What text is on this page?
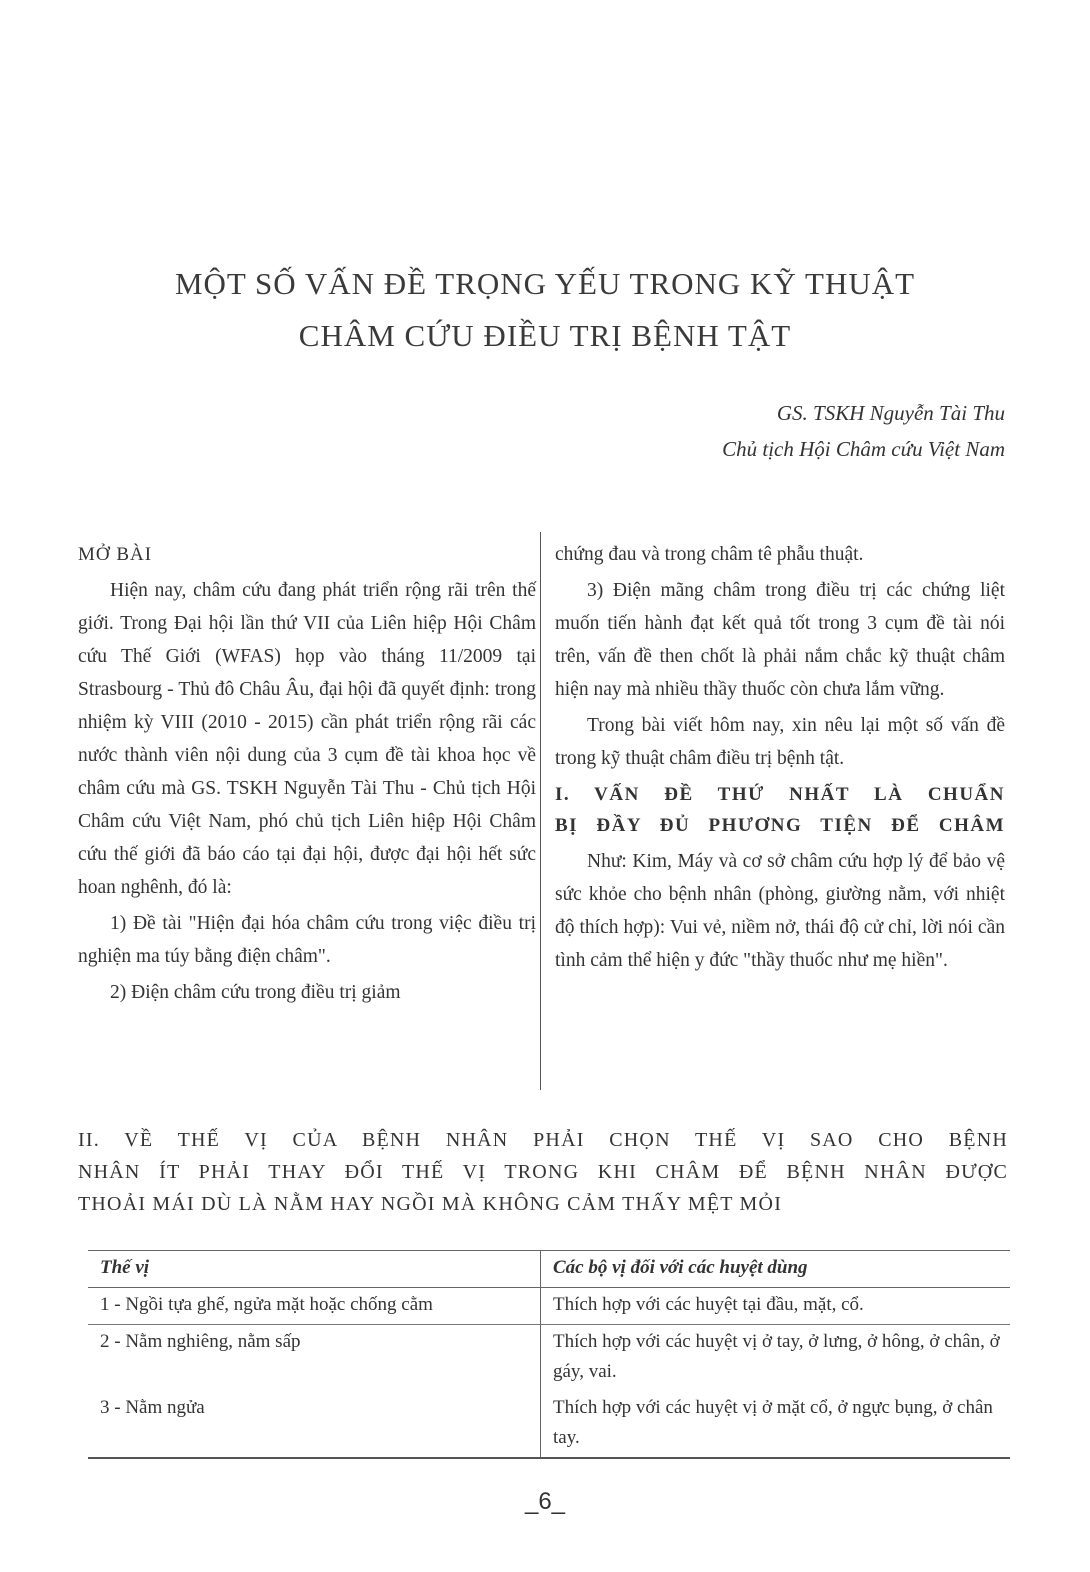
MỘT SỐ VẤN ĐỀ TRỌNG YẾU TRONG KỸ THUẬT
CHÂM CỨU ĐIỀU TRỊ BỆNH TẬT
GS. TSKH Nguyễn Tài Thu
Chủ tịch Hội Châm cứu Việt Nam

MỞ BÀI

Hiện nay, châm cứu đang phát triển rộng rãi trên thế giới. Trong Đại hội lần thứ VII của Liên hiệp Hội Châm cứu Thế Giới (WFAS) họp vào tháng 11/2009 tại Strasbourg - Thủ đô Châu Âu, đại hội đã quyết định: trong nhiệm kỳ VIII (2010 - 2015) cần phát triển rộng rãi các nước thành viên nội dung của 3 cụm đề tài khoa học về châm cứu mà GS. TSKH Nguyễn Tài Thu - Chủ tịch Hội Châm cứu Việt Nam, phó chủ tịch Liên hiệp Hội Châm cứu thế giới đã báo cáo tại đại hội, được đại hội hết sức hoan nghênh, đó là:

1) Đề tài "Hiện đại hóa châm cứu trong việc điều trị nghiện ma túy bằng điện châm".

2) Điện châm cứu trong điều trị giảm

chứng đau và trong châm tê phẫu thuật.

3) Điện mãng châm trong điều trị các chứng liệt muốn tiến hành đạt kết quả tốt trong 3 cụm đề tài nói trên, vấn đề then chốt là phải nắm chắc kỹ thuật châm hiện nay mà nhiều thầy thuốc còn chưa lắm vững.

Trong bài viết hôm nay, xin nêu lại một số vấn đề trong kỹ thuật châm điều trị bệnh tật.

I. VẤN ĐỀ THỨ NHẤT LÀ CHUẨN
BỊ ĐẦY ĐỦ PHƯƠNG TIỆN ĐỂ CHÂM

Như: Kim, Máy và cơ sở châm cứu hợp lý để bảo vệ sức khỏe cho bệnh nhân (phòng, giường nằm, với nhiệt độ thích hợp): Vui vẻ, niềm nở, thái độ cử chỉ, lời nói cần tình cảm thể hiện y đức "thầy thuốc như mẹ hiền".

II. VỀ THẾ VỊ CỦA BỆNH NHÂN PHẢI CHỌN THẾ VỊ SAO CHO BỆNH
NHÂN ÍT PHẢI THAY ĐỔI THẾ VỊ TRONG KHI CHÂM ĐỂ BỆNH NHÂN ĐƯỢC
THOẢI MÁI DÙ LÀ NẰM HAY NGỒI MÀ KHÔNG CẢM THẤY MỆT MỎI
Thế vị	Các bộ vị đối với các huyệt dùng
1 - Ngồi tựa ghế, ngửa mặt hoặc chống cằm	Thích hợp với các huyệt tại đầu, mặt, cổ.
2 - Nằm nghiêng, nằm sấp	Thích hợp với các huyệt vị ở tay, ở lưng, ở hông, ở chân, ở gáy, vai.
3 - Nằm ngửa	Thích hợp với các huyệt vị ở mặt cổ, ở ngực bụng, ở chân tay.
_6_
